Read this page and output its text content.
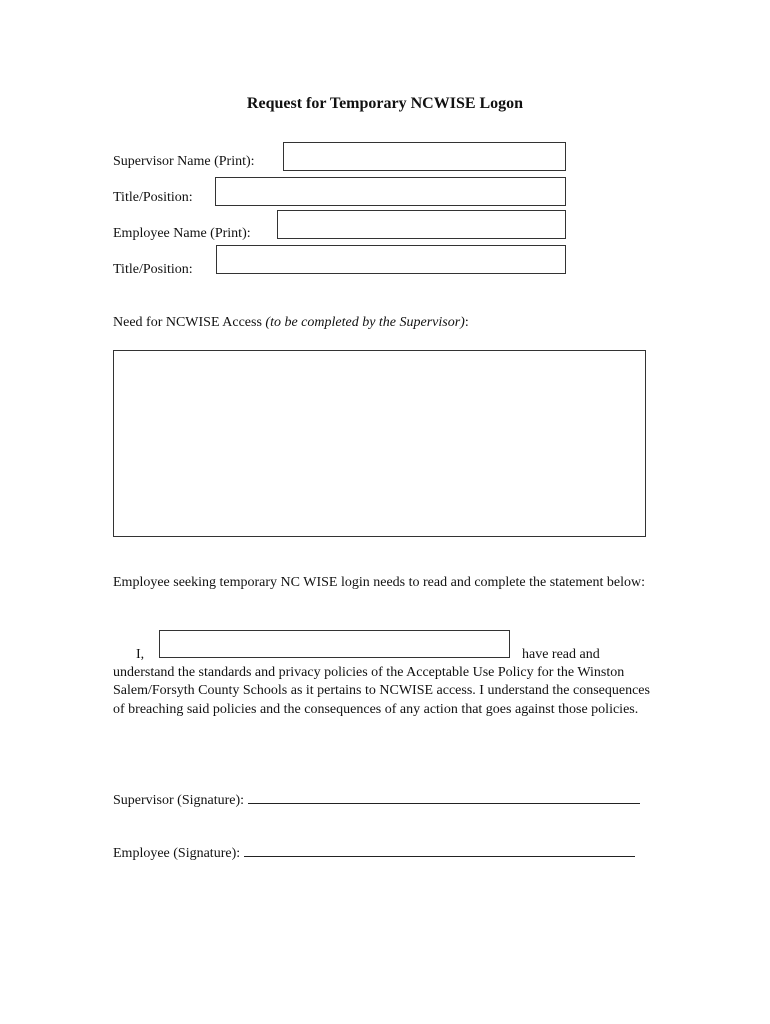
Request for Temporary NCWISE Logon
Supervisor Name (Print):
Title/Position:
Employee Name (Print):
Title/Position:
Need for NCWISE Access (to be completed by the Supervisor):
Employee seeking temporary NC WISE login needs to read and complete the statement below:
I,	have read and
understand the standards and privacy policies of the Acceptable Use Policy for the Winston Salem/Forsyth County Schools as it pertains to NCWISE access. I understand the consequences of breaching said policies and the consequences of any action that goes against those policies.
Supervisor (Signature):
Employee (Signature):
